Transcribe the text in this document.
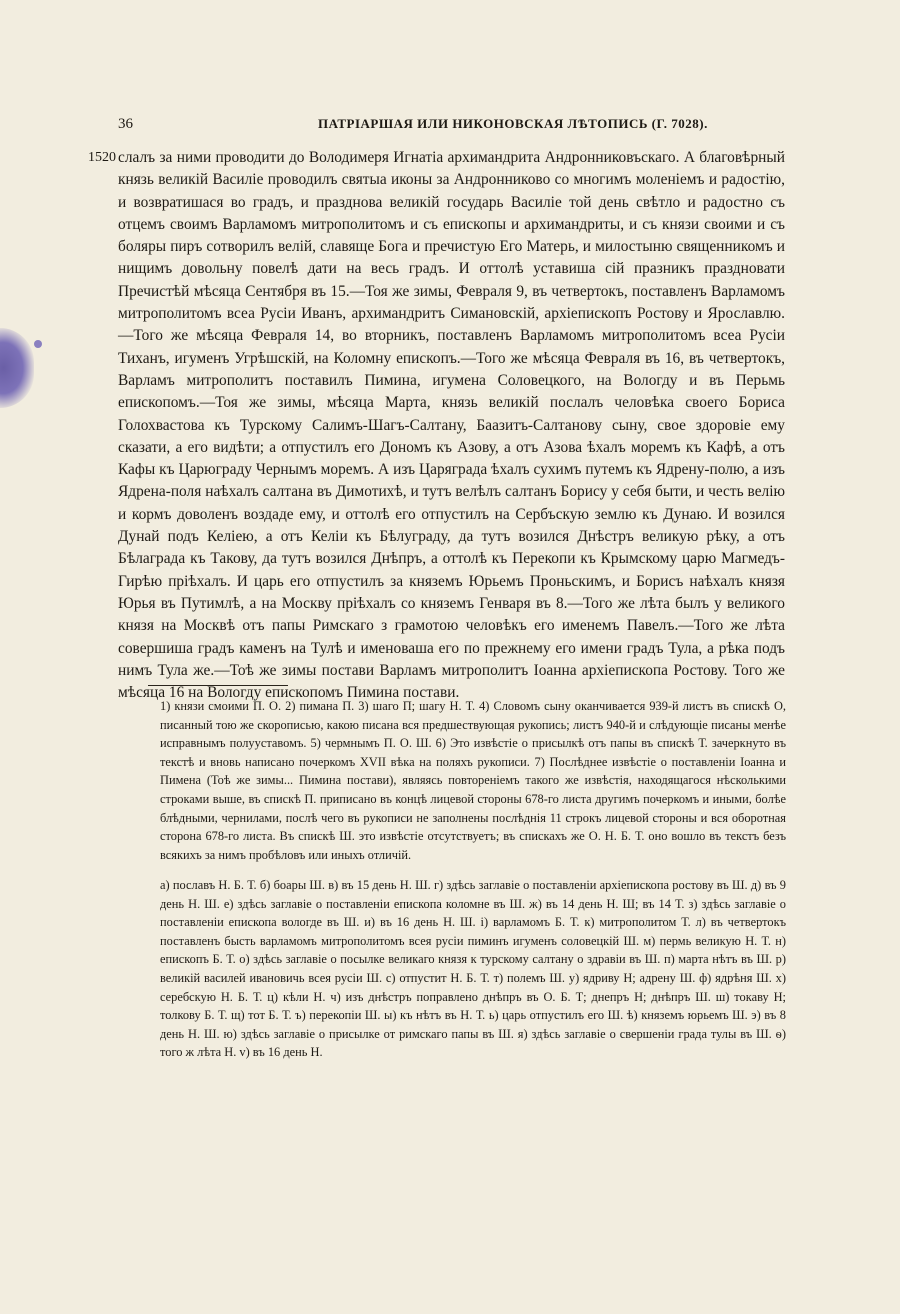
36	ПАТРІАРШАЯ ИЛИ НИКОНОВСКАЯ ЛѢТОПИСЬ (Г. 7028).
1520 слалъ за ними проводити до Володимеря Игнатіа архимандрита Андронниковъскаго. А благовѣрный князь великій Василіе проводилъ святыа иконы за Андронниково со многимъ моленіемъ и радостію, и возвратишася во градъ, и празднова великій государь Василіе той день свѣтло и радостно съ отцемъ своимъ Варламомъ митрополитомъ и съ епископы и архимандриты, и съ князи своими и съ боляры пиръ сотворилъ велій, славяще Бога и пречистую Его Матерь, и милостыню священникомъ и нищимъ довольну повелѣ дати на весь градъ. И оттолѣ уставиша сій празникъ праздновати Пречистѣй мѣсяца Сентября въ 15.—Тоя же зимы, Февраля 9, въ четвертокъ, поставленъ Варламомъ митрополитомъ всеа Русіи Иванъ, архимандритъ Симановскій, архіепископъ Ростову и Ярославлю.—Того же мѣсяца Февраля 14, во вторникъ, поставленъ Варламомъ митрополитомъ всеа Русіи Тиханъ, игуменъ Угрѣшскій, на Коломну епископъ.—Того же мѣсяца Февраля въ 16, въ четвертокъ, Варламъ митрополитъ поставилъ Пимина, игумена Соловецкого, на Вологду и въ Перьмь епископомъ.—Тоя же зимы, мѣсяца Марта, князь великій послалъ человѣка своего Бориса Голохвастова къ Турскому Салимъ-Шагъ-Салтану, Баазитъ-Салтанову сыну, свое здоровіе ему сказати, а его видѣти; а отпустилъ его Дономъ къ Азову, а отъ Азова ѣхалъ моремъ къ Кафѣ, а отъ Кафы къ Царюграду Чернымъ моремъ. А изъ Царягрaда ѣхалъ сухимъ путемъ къ Ядрену-полю, а изъ Ядрена-поля наѣхалъ салтана въ Димотихѣ, и тутъ велѣлъ салтанъ Борису у себя быти, и честь велію и кормъ доволенъ воздаде ему, и оттолѣ его отпустилъ на Сербъскую землю къ Дунаю. И возился Дунай подъ Келіею, а отъ Келіи къ Бѣлуграду, да тутъ возился Днѣстръ великую рѣку, а отъ Бѣлаграда къ Такову, да тутъ возился Днѣпръ, а оттолѣ къ Перекопи къ Крымскому царю Магмедъ-Гирѣю пріѣхалъ. И царь его отпустилъ за княземъ Юрьемъ Проньскимъ, и Борисъ наѣхалъ князя Юрья въ Путимлѣ, а на Москву пріѣхалъ со княземъ Генваря въ 8.—Того же лѣта былъ у великого князя на Москвѣ отъ папы Римскаго з грамотою человѣкъ его именемъ Павелъ.—Того же лѣта совершиша градъ каменъ на Тулѣ и именоваша его по прежнему его имени градъ Тула, а рѣка подъ нимъ Тула же.—Тоѣ же зимы постави Варламъ митрополитъ Іоанна архіепископа Ростову. Того же мѣсяца 16 на Вологду епископомъ Пимина постави.

1) князи смоими П. О. 2) пимана П. 3) шаго П; шагу Н. Т. 4) Словомъ сыну оканчивается 939-й листъ въ спискѣ О, писанный тою же скорописью, какою писана вся предшествующая рукопись; листъ 940-й и слѣдующіе писаны менѣе исправнымъ полууставомъ. 5) чермнымъ П. О. Ш. 6) Это извѣстіе о присылкѣ отъ папы въ спискѣ Т. зачеркнуто въ текстѣ и вновь написано почеркомъ XVII вѣка на поляхъ рукописи. 7) Послѣднее извѣстіе о поставленіи Іоанна и Пимена (Тоѣ же зимы... Пимина постави), являясь повтореніемъ такого же извѣстія, находящагося нѣсколькими строками выше, въ спискѣ П. приписано въ концѣ лицевой стороны 678-го листа другимъ почеркомъ и иными, болѣе блѣдными, чернилами, послѣ чего въ рукописи не заполнены послѣднія 11 строкъ лицевой стороны и вся оборотная сторона 678-го листа. Въ спискѣ Ш. это извѣстіе отсутствуетъ; въ спискахъ же О. Н. Б. Т. оно вошло въ текстъ безъ всякихъ за нимъ пробѣловъ или иныхъ отличій.

а) пославъ Н. Б. Т. б) боары Ш. в) въ 15 день Н. Ш. г) здѣсь заглавіе о поставленіи архіепископа ростову въ Ш. д) въ 9 день Н. Ш. е) здѣсь заглавіе о поставленіи епископа коломне въ Ш. ж) въ 14 день Н. Ш; въ 14 Т. з) здѣсь заглавіе о поставленіи епископа вологде въ Ш. и) въ 16 день Н. Ш. і) варламомъ Б. Т. к) митрополитом Т. л) въ четвертокъ поставленъ бысть варламомъ митрополитомъ всея русіи пиминъ игуменъ соловецкій Ш. м) пермь великую Н. Т. н) епископъ Б. Т. о) здѣсь заглавіе о посылке великаго князя к турскому салтану о здравіи въ Ш. п) марта нѣтъ въ Ш. р) великій василей ивановичь всея русіи Ш. с) отпустит Н. Б. Т. т) полемъ Ш. у) ядриву Н; адрену Ш. ф) ядрѣня Ш. х) серебскую Н. Б. Т. ц) кѣли Н. ч) изъ днѣстръ поправлено днѣпръ въ О. Б. Т; днепръ Н; днѣпръ Ш. ш) токаву Н; толкову Б. Т. щ) тот Б. Т. ъ) перекопіи Ш. ы) къ нѣтъ въ Н. Т. ь) царь отпустилъ его Ш. ѣ) княземъ юрьемъ Ш. э) въ 8 день Н. Ш. ю) здѣсь заглавіе о присылке от римскаго папы въ Ш. я) здѣсь заглавіе о свершеніи града тулы въ Ш. ѳ) того ж лѣта Н. v) въ 16 день Н.
